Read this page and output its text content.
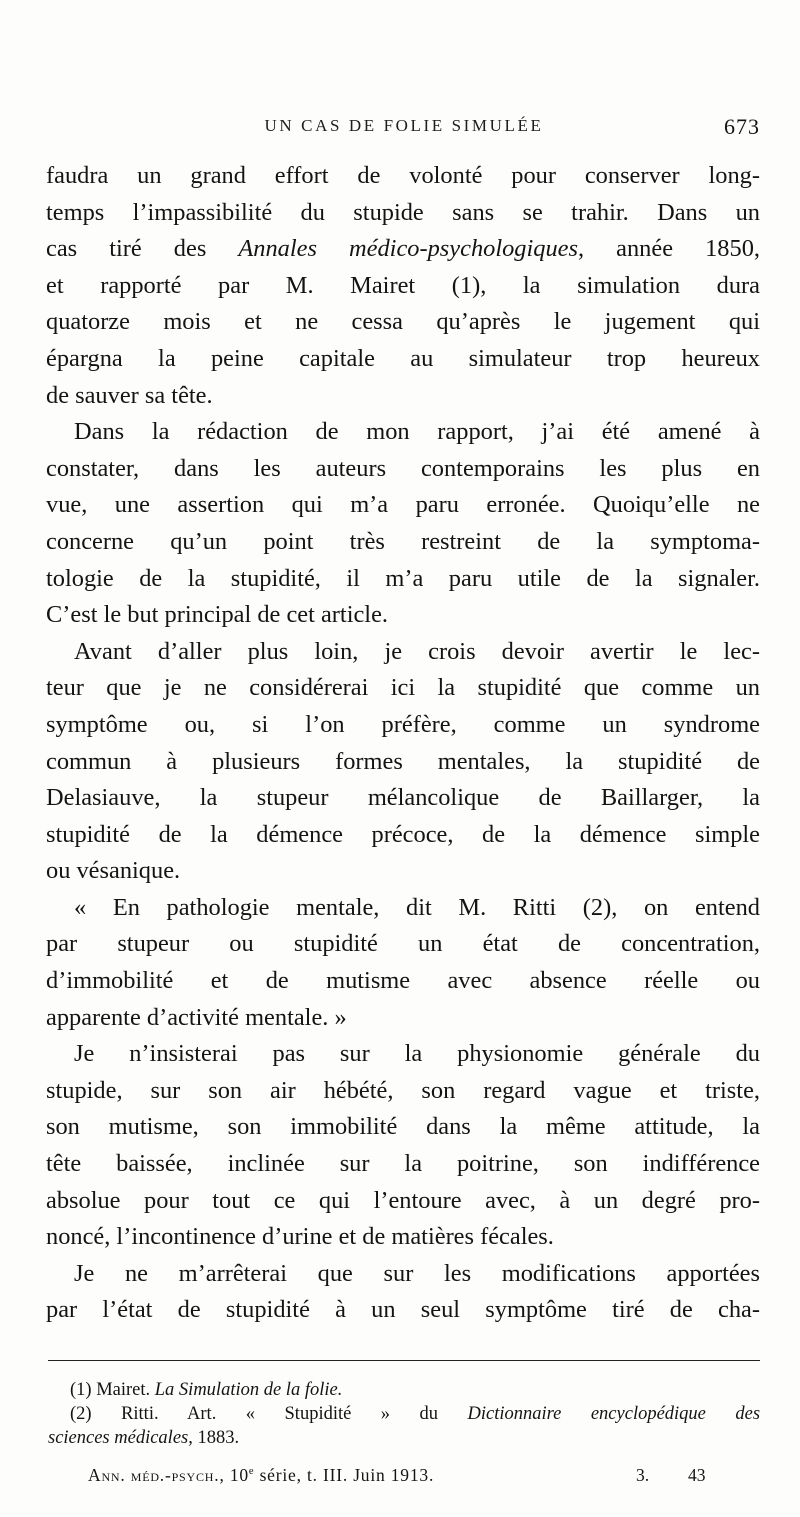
UN CAS DE FOLIE SIMULÉE	673
faudra un grand effort de volonté pour conserver long-
temps l’impassibilité du stupide sans se trahir. Dans un
cas tiré des Annales médico-psychologiques, année 1850,
et rapporté par M. Mairet (1), la simulation dura
quatorze mois et ne cessa qu’après le jugement qui
épargna la peine capitale au simulateur trop heureux
de sauver sa tête.
Dans la rédaction de mon rapport, j’ai été amené à
constater, dans les auteurs contemporains les plus en
vue, une assertion qui m’a paru erronée. Quoiqu’elle ne
concerne qu’un point très restreint de la symptoma-
tologie de la stupidité, il m’a paru utile de la signaler.
C’est le but principal de cet article.
Avant d’aller plus loin, je crois devoir avertir le lec-
teur que je ne considérerai ici la stupidité que comme un
symptôme ou, si l’on préfère, comme un syndrome
commun à plusieurs formes mentales, la stupidité de
Delasiauve, la stupeur mélancolique de Baillarger, la
stupidité de la démence précoce, de la démence simple
ou vésanique.
« En pathologie mentale, dit M. Ritti (2), on entend
par stupeur ou stupidité un état de concentration,
d’immobilité et de mutisme avec absence réelle ou
apparente d’activité mentale. »
Je n’insisterai pas sur la physionomie générale du
stupide, sur son air hébété, son regard vague et triste,
son mutisme, son immobilité dans la même attitude, la
tête baissée, inclinée sur la poitrine, son indifférence
absolue pour tout ce qui l’entoure avec, à un degré pro-
noncé, l’incontinence d’urine et de matières fécales.
Je ne m’arrêterai que sur les modifications apportées
par l’état de stupidité à un seul symptôme tiré de cha-
(1) Mairet. La Simulation de la folie.
(2) Ritti. Art. « Stupidité » du Dictionnaire encyclopédique des
sciences médicales, 1883.
Ann. méd.-psych., 10e série, t. III. Juin 1913.	3. 43
